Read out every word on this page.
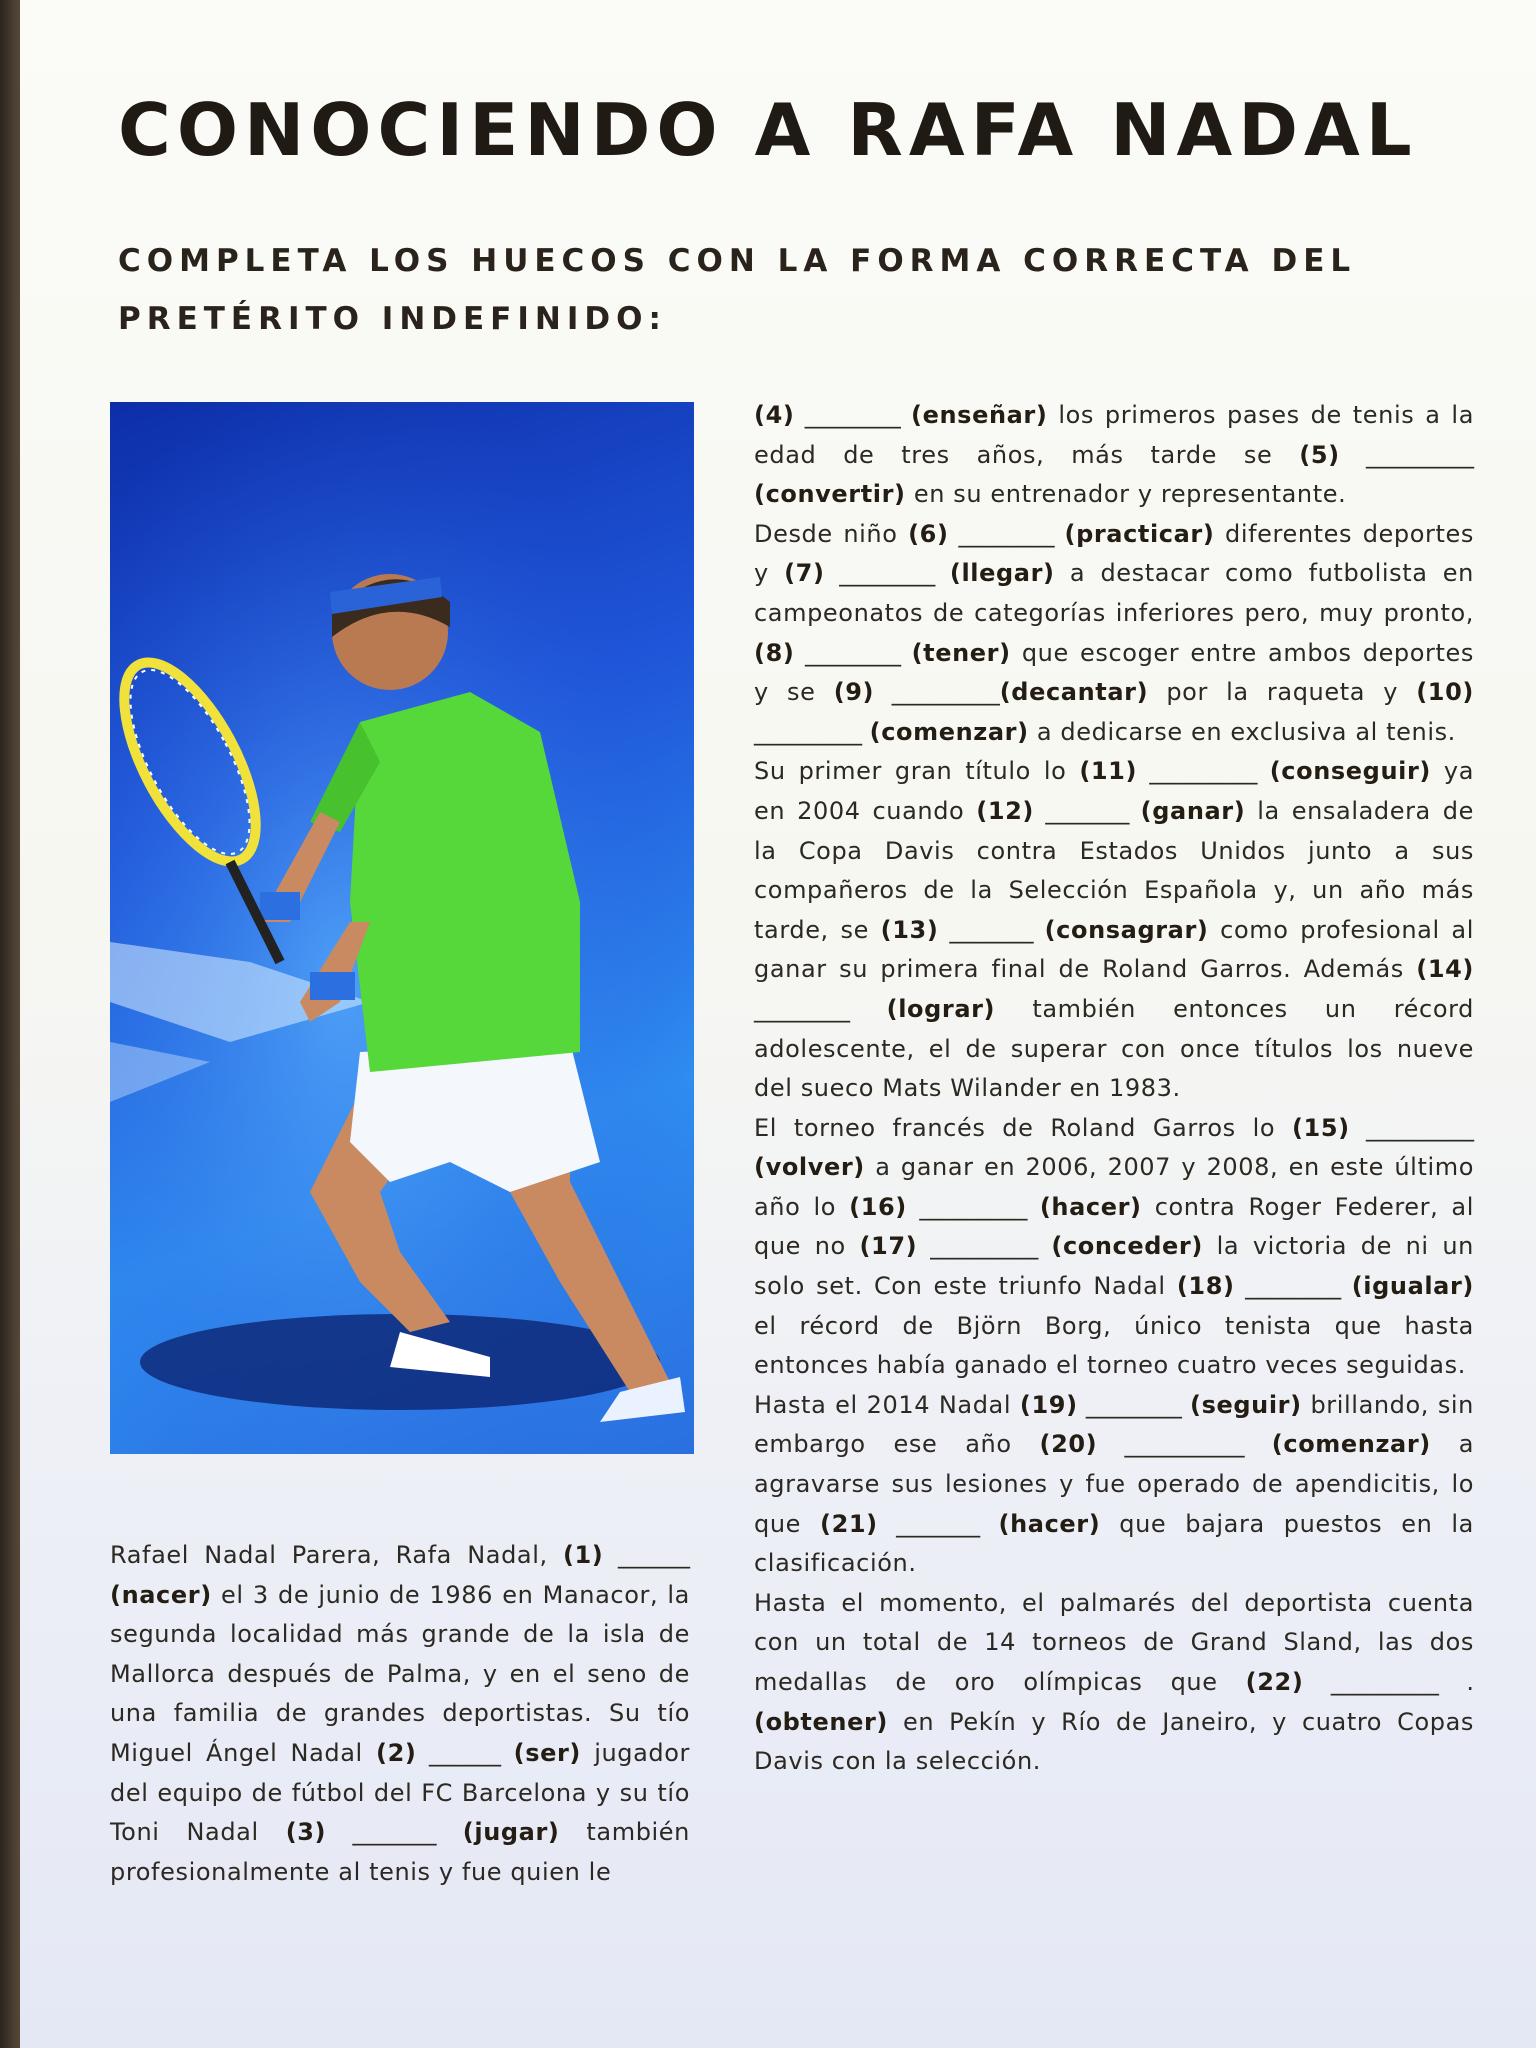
CONOCIENDO A RAFA NADAL
COMPLETA LOS HUECOS CON LA FORMA CORRECTA DEL PRETÉRITO INDEFINIDO:

Rafael Nadal Parera, Rafa Nadal, (1) ______ (nacer) el 3 de junio de 1986 en Manacor, la segunda localidad más grande de la isla de Mallorca después de Palma, y en el seno de una familia de grandes deportistas. Su tío Miguel Ángel Nadal (2) ______ (ser) jugador del equipo de fútbol del FC Barcelona y su tío Toni Nadal (3) _______ (jugar) también profesionalmente al tenis y fue quien le

(4) ________ (enseñar) los primeros pases de tenis a la edad de tres años, más tarde se (5) _________ (convertir) en su entrenador y representante.

Desde niño (6) ________ (practicar) diferentes deportes y (7) ________ (llegar) a destacar como futbolista en campeonatos de categorías inferiores pero, muy pronto, (8) ________ (tener) que escoger entre ambos deportes y se (9) _________(decantar) por la raqueta y (10) _________ (comenzar) a dedicarse en exclusiva al tenis.

Su primer gran título lo (11) _________ (conseguir) ya en 2004 cuando (12) _______ (ganar) la ensaladera de la Copa Davis contra Estados Unidos junto a sus compañeros de la Selección Española y, un año más tarde, se (13) _______ (consagrar) como profesional al ganar su primera final de Roland Garros. Además (14) ________ (lograr) también entonces un récord adolescente, el de superar con once títulos los nueve del sueco Mats Wilander en 1983.

El torneo francés de Roland Garros lo (15) _________ (volver) a ganar en 2006, 2007 y 2008, en este último año lo (16) _________ (hacer) contra Roger Federer, al que no (17) _________ (conceder) la victoria de ni un solo set. Con este triunfo Nadal (18) ________ (igualar) el récord de Björn Borg, único tenista que hasta entonces había ganado el torneo cuatro veces seguidas.

Hasta el 2014 Nadal (19) ________ (seguir) brillando, sin embargo ese año (20) __________ (comenzar) a agravarse sus lesiones y fue operado de apendicitis, lo que (21) _______ (hacer) que bajara puestos en la clasificación.

Hasta el momento, el palmarés del deportista cuenta con un total de 14 torneos de Grand Sland, las dos medallas de oro olímpicas que (22) _________ . (obtener) en Pekín y Río de Janeiro, y cuatro Copas Davis con la selección.
